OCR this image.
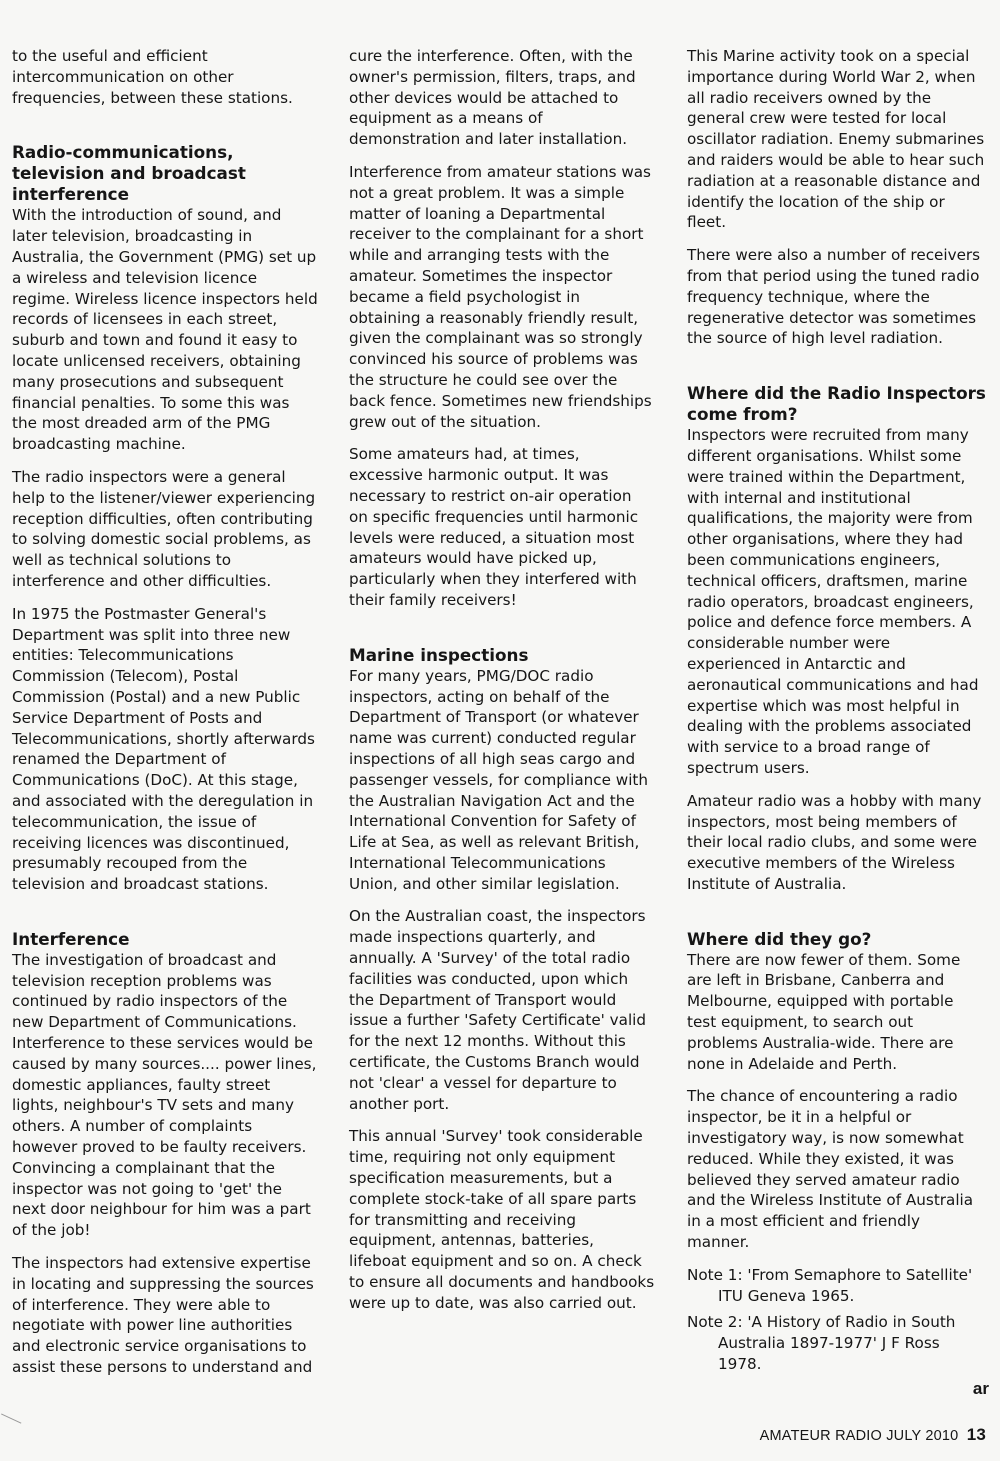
to the useful and efficient intercommunication on other frequencies, between these stations.

Radio-communications, television and broadcast interference

With the introduction of sound, and later television, broadcasting in Australia, the Government (PMG) set up a wireless and television licence regime. Wireless licence inspectors held records of licensees in each street, suburb and town and found it easy to locate unlicensed receivers, obtaining many prosecutions and subsequent financial penalties. To some this was the most dreaded arm of the PMG broadcasting machine.

The radio inspectors were a general help to the listener/viewer experiencing reception difficulties, often contributing to solving domestic social problems, as well as technical solutions to interference and other difficulties.

In 1975 the Postmaster General's Department was split into three new entities: Telecommunications Commission (Telecom), Postal Commission (Postal) and a new Public Service Department of Posts and Telecommunications, shortly afterwards renamed the Department of Communications (DoC). At this stage, and associated with the deregulation in telecommunication, the issue of receiving licences was discontinued, presumably recouped from the television and broadcast stations.

Interference

The investigation of broadcast and television reception problems was continued by radio inspectors of the new Department of Communications. Interference to these services would be caused by many sources.... power lines, domestic appliances, faulty street lights, neighbour's TV sets and many others. A number of complaints however proved to be faulty receivers. Convincing a complainant that the inspector was not going to 'get' the next door neighbour for him was a part of the job!

The inspectors had extensive expertise in locating and suppressing the sources of interference. They were able to negotiate with power line authorities and electronic service organisations to assist these persons to understand and

cure the interference. Often, with the owner's permission, filters, traps, and other devices would be attached to equipment as a means of demonstration and later installation.

Interference from amateur stations was not a great problem. It was a simple matter of loaning a Departmental receiver to the complainant for a short while and arranging tests with the amateur. Sometimes the inspector became a field psychologist in obtaining a reasonably friendly result, given the complainant was so strongly convinced his source of problems was the structure he could see over the back fence. Sometimes new friendships grew out of the situation.

Some amateurs had, at times, excessive harmonic output. It was necessary to restrict on-air operation on specific frequencies until harmonic levels were reduced, a situation most amateurs would have picked up, particularly when they interfered with their family receivers!

Marine inspections

For many years, PMG/DOC radio inspectors, acting on behalf of the Department of Transport (or whatever name was current) conducted regular inspections of all high seas cargo and passenger vessels, for compliance with the Australian Navigation Act and the International Convention for Safety of Life at Sea, as well as relevant British, International Telecommunications Union, and other similar legislation.

On the Australian coast, the inspectors made inspections quarterly, and annually. A 'Survey' of the total radio facilities was conducted, upon which the Department of Transport would issue a further 'Safety Certificate' valid for the next 12 months. Without this certificate, the Customs Branch would not 'clear' a vessel for departure to another port.

This annual 'Survey' took considerable time, requiring not only equipment specification measurements, but a complete stock-take of all spare parts for transmitting and receiving equipment, antennas, batteries, lifeboat equipment and so on. A check to ensure all documents and handbooks were up to date, was also carried out.

This Marine activity took on a special importance during World War 2, when all radio receivers owned by the general crew were tested for local oscillator radiation. Enemy submarines and raiders would be able to hear such radiation at a reasonable distance and identify the location of the ship or fleet.

There were also a number of receivers from that period using the tuned radio frequency technique, where the regenerative detector was sometimes the source of high level radiation.

Where did the Radio Inspectors come from?

Inspectors were recruited from many different organisations. Whilst some were trained within the Department, with internal and institutional qualifications, the majority were from other organisations, where they had been communications engineers, technical officers, draftsmen, marine radio operators, broadcast engineers, police and defence force members. A considerable number were experienced in Antarctic and aeronautical communications and had expertise which was most helpful in dealing with the problems associated with service to a broad range of spectrum users.

Amateur radio was a hobby with many inspectors, most being members of their local radio clubs, and some were executive members of the Wireless Institute of Australia.

Where did they go?

There are now fewer of them. Some are left in Brisbane, Canberra and Melbourne, equipped with portable test equipment, to search out problems Australia-wide. There are none in Adelaide and Perth.

The chance of encountering a radio inspector, be it in a helpful or investigatory way, is now somewhat reduced. While they existed, it was believed they served amateur radio and the Wireless Institute of Australia in a most efficient and friendly manner.

Note 1: 'From Semaphore to Satellite' ITU Geneva 1965.
Note 2: 'A History of Radio in South Australia 1897-1977' J F Ross 1978.
ar
AMATEUR RADIO JULY 2010 13
